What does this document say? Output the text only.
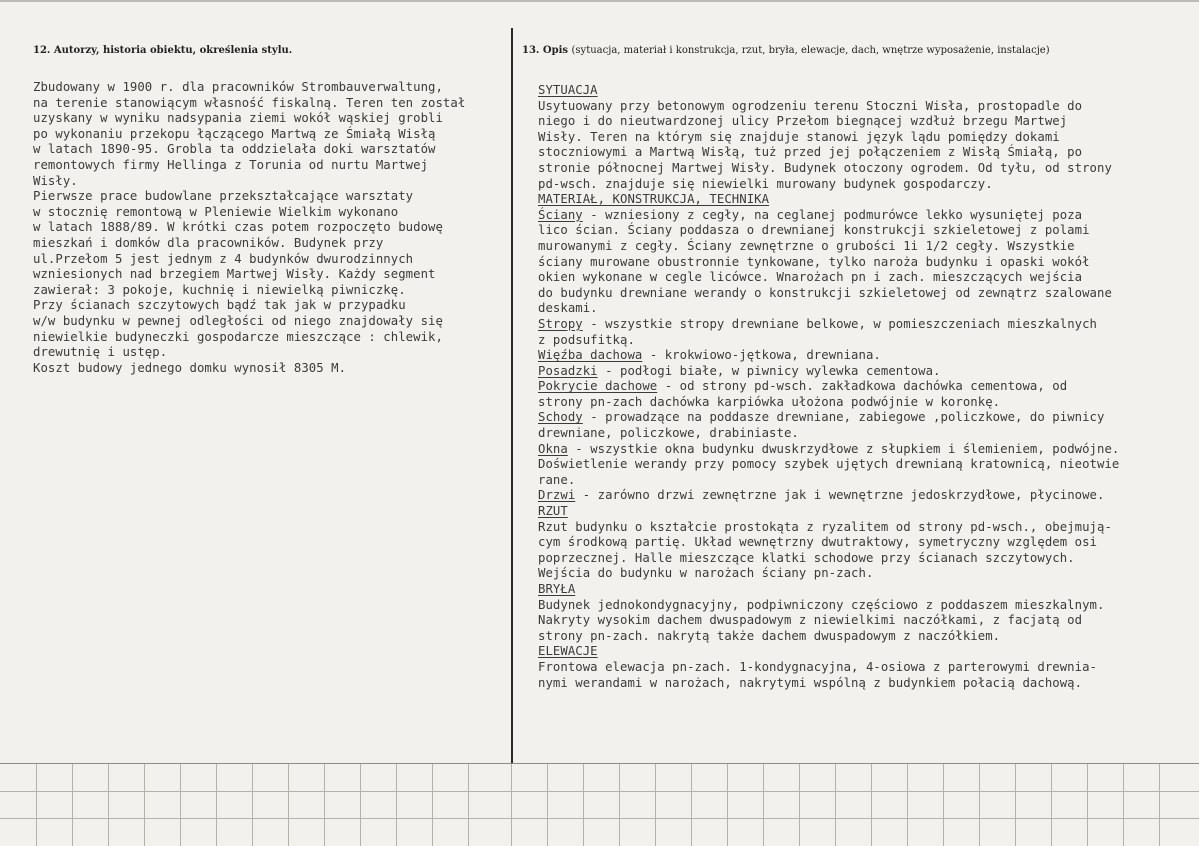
12. Autorzy, historia obiektu, określenia stylu.	13. Opis (sytuacja, materiał i konstrukcja, rzut, bryła, elewacje, dach, wnętrze wyposażenie, instalacje)
Zbudowany w 1900 r. dla pracowników Strombauverwaltung,
na terenie stanowiącym własność fiskalną. Teren ten został
uzyskany w wyniku nadsypania ziemi wokół wąskiej grobli
po wykonaniu przekopu łączącego Martwą ze Śmiałą Wisłą
w latach 1890-95. Grobla ta oddzielała doki warsztatów
remontowych firmy Hellinga z Torunia od nurtu Martwej
Wisły.
Pierwsze prace budowlane przekształcające warsztaty
w stocznię remontową w Pleniewie Wielkim wykonano
w latach 1888/89. W krótki czas potem rozpoczęto budowę
mieszkań i domków dla pracowników. Budynek przy
ul.Przełom 5 jest jednym z 4 budynków dwurodzinnych
wzniesionych nad brzegiem Martwej Wisły. Każdy segment
zawierał: 3 pokoje, kuchnię i niewielką piwniczkę.
Przy ścianach szczytowych bądź tak jak w przypadku
w/w budynku w pewnej odległości od niego znajdowały się
niewielkie budyneczki gospodarcze mieszczące : chlewik,
drewutnię i ustęp.
Koszt budowy jednego domku wynosił 8305 M.
SYTUACJA
Usytuowany przy betonowym ogrodzeniu terenu Stoczni Wisła, prostopadle do
niego i do nieutwardzonej ulicy Przełom biegnącej wzdłuż brzegu Martwej
Wisły. Teren na którym się znajduje stanowi język lądu pomiędzy dokami
stoczniowymi a Martwą Wisłą, tuż przed jej połączeniem z Wisłą Śmiałą, po
stronie północnej Martwej Wisły. Budynek otoczony ogrodem. Od tyłu, od strony
pd-wsch. znajduje się niewielki murowany budynek gospodarczy.
MATERIAŁ, KONSTRUKCJA, TECHNIKA
Ściany - wzniesiony z cegły, na ceglanej podmurówce lekko wysuniętej poza
lico ścian. Ściany poddasza o drewnianej konstrukcji szkieletowej z polami
murowanymi z cegły. Ściany zewnętrzne o grubości 1i 1/2 cegły. Wszystkie
ściany murowane obustronnie tynkowane, tylko naroża budynku i opaski wokół
okien wykonane w cegle licówce. Wnarożach pn i zach. mieszczących wejścia
do budynku drewniane werandy o konstrukcji szkieletowej od zewnątrz szalowane
deskami.
Stropy - wszystkie stropy drewniane belkowe, w pomieszczeniach mieszkalnych
z podsufitką.
Więźba dachowa - krokwiowo-jętkowa, drewniana.
Posadzki - podłogi białe, w piwnicy wylewka cementowa.
Pokrycie dachowe - od strony pd-wsch. zakładkowa dachówka cementowa, od
strony pn-zach dachówka karpiówka ułożona podwójnie w koronkę.
Schody - prowadzące na poddasze drewniane, zabiegowe ,policzkowe, do piwnicy
drewniane, policzkowe, drabiniaste.
Okna - wszystkie okna budynku dwuskrzydłowe z słupkiem i ślemieniem, podwójne.
Doświetlenie werandy przy pomocy szybek ujętych drewnianą kratownicą, nieotwie
rane.
Drzwi - zarówno drzwi zewnętrzne jak i wewnętrzne jedoskrzydłowe, płycinowe.
RZUT
Rzut budynku o kształcie prostokąta z ryzalitem od strony pd-wsch., obejmują-
cym środkową partię. Układ wewnętrzny dwutraktowy, symetryczny względem osi
poprzecznej. Halle mieszczące klatki schodowe przy ścianach szczytowych.
Wejścia do budynku w narożach ściany pn-zach.
BRYŁA
Budynek jednokondygnacyjny, podpiwniczony częściowo z poddaszem mieszkalnym.
Nakryty wysokim dachem dwuspadowym z niewielkimi naczółkami, z facjatą od
strony pn-zach. nakrytą także dachem dwuspadowym z naczółkiem.
ELEWACJE
Frontowa elewacja pn-zach. 1-kondygnacyjna, 4-osiowa z parterowymi drewnia-
nymi werandami w narożach, nakrytymi wspólną z budynkiem połacią dachową.
